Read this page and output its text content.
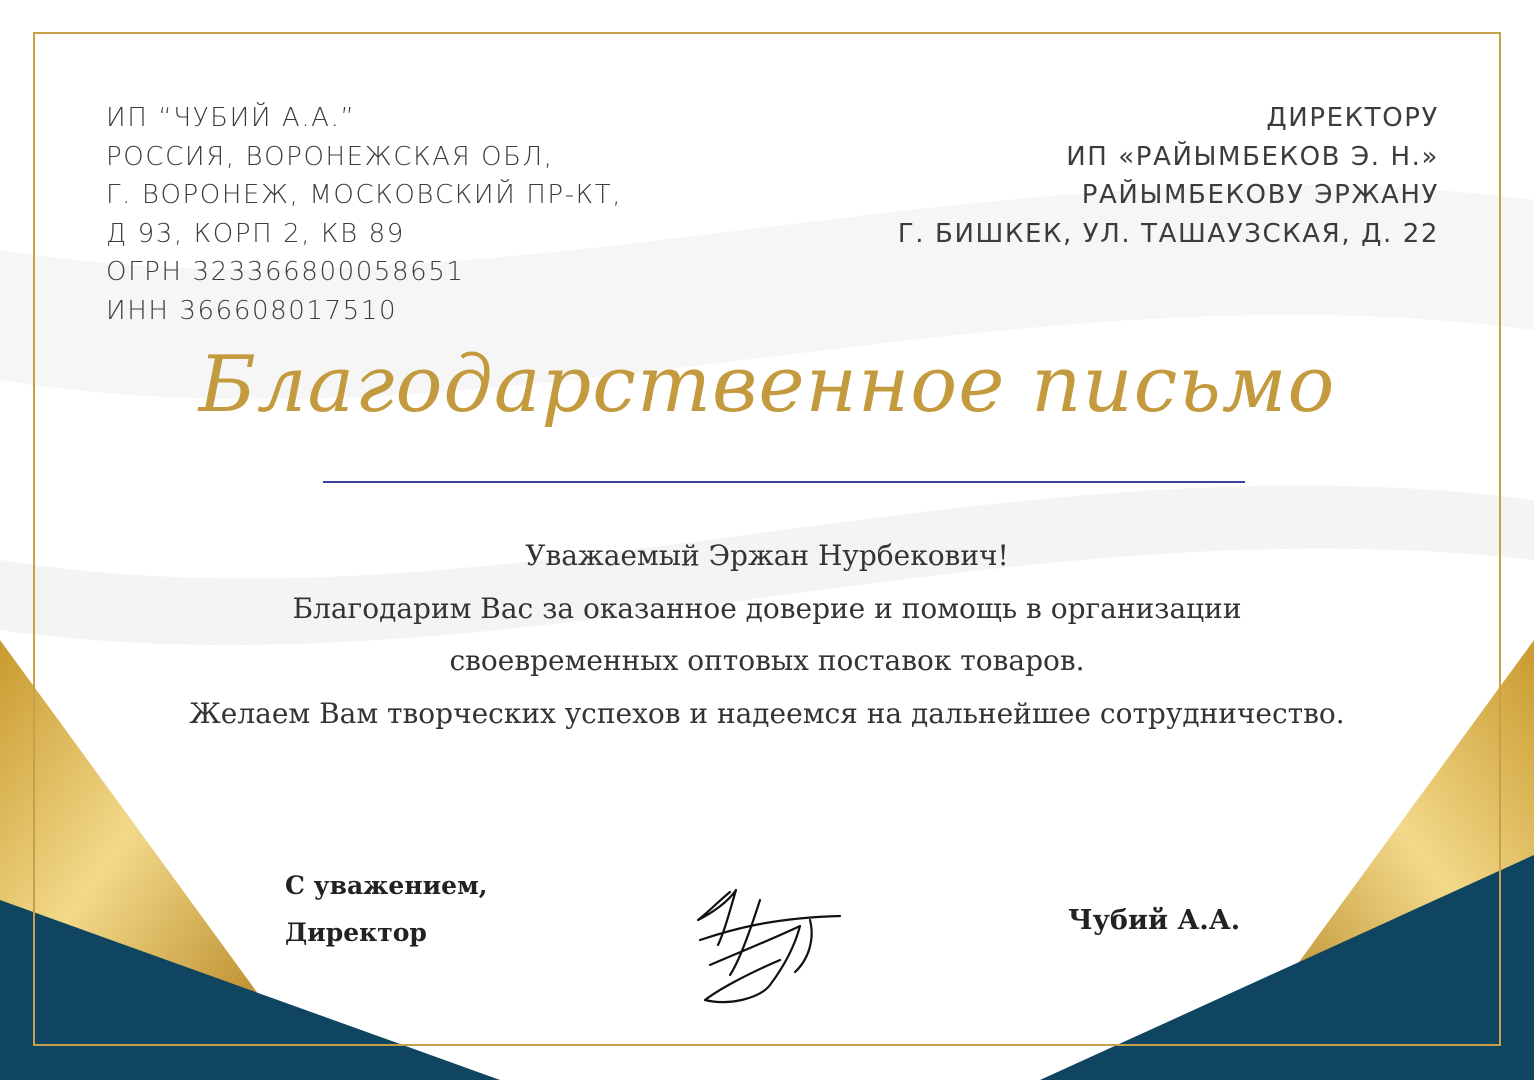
ИП “ЧУБИЙ А.А.”
РОССИЯ, ВОРОНЕЖСКАЯ ОБЛ,
Г. ВОРОНЕЖ, МОСКОВСКИЙ ПР-КТ,
Д 93, КОРП 2, КВ 89
ОГРН 323366800058651
ИНН 366608017510
ДИРЕКТОРУ
ИП «РАЙЫМБЕКОВ Э. Н.»
РАЙЫМБЕКОВУ ЭРЖАНУ
Г. БИШКЕК, УЛ. ТАШАУЗСКАЯ, Д. 22
Благодарственное письмо
Уважаемый Эржан Нурбекович!
Благодарим Вас за оказанное доверие и помощь в организации
своевременных оптовых поставок товаров.
Желаем Вам творческих успехов и надеемся на дальнейшее сотрудничество.
С уважением,
Директор	Чубий А.А.
